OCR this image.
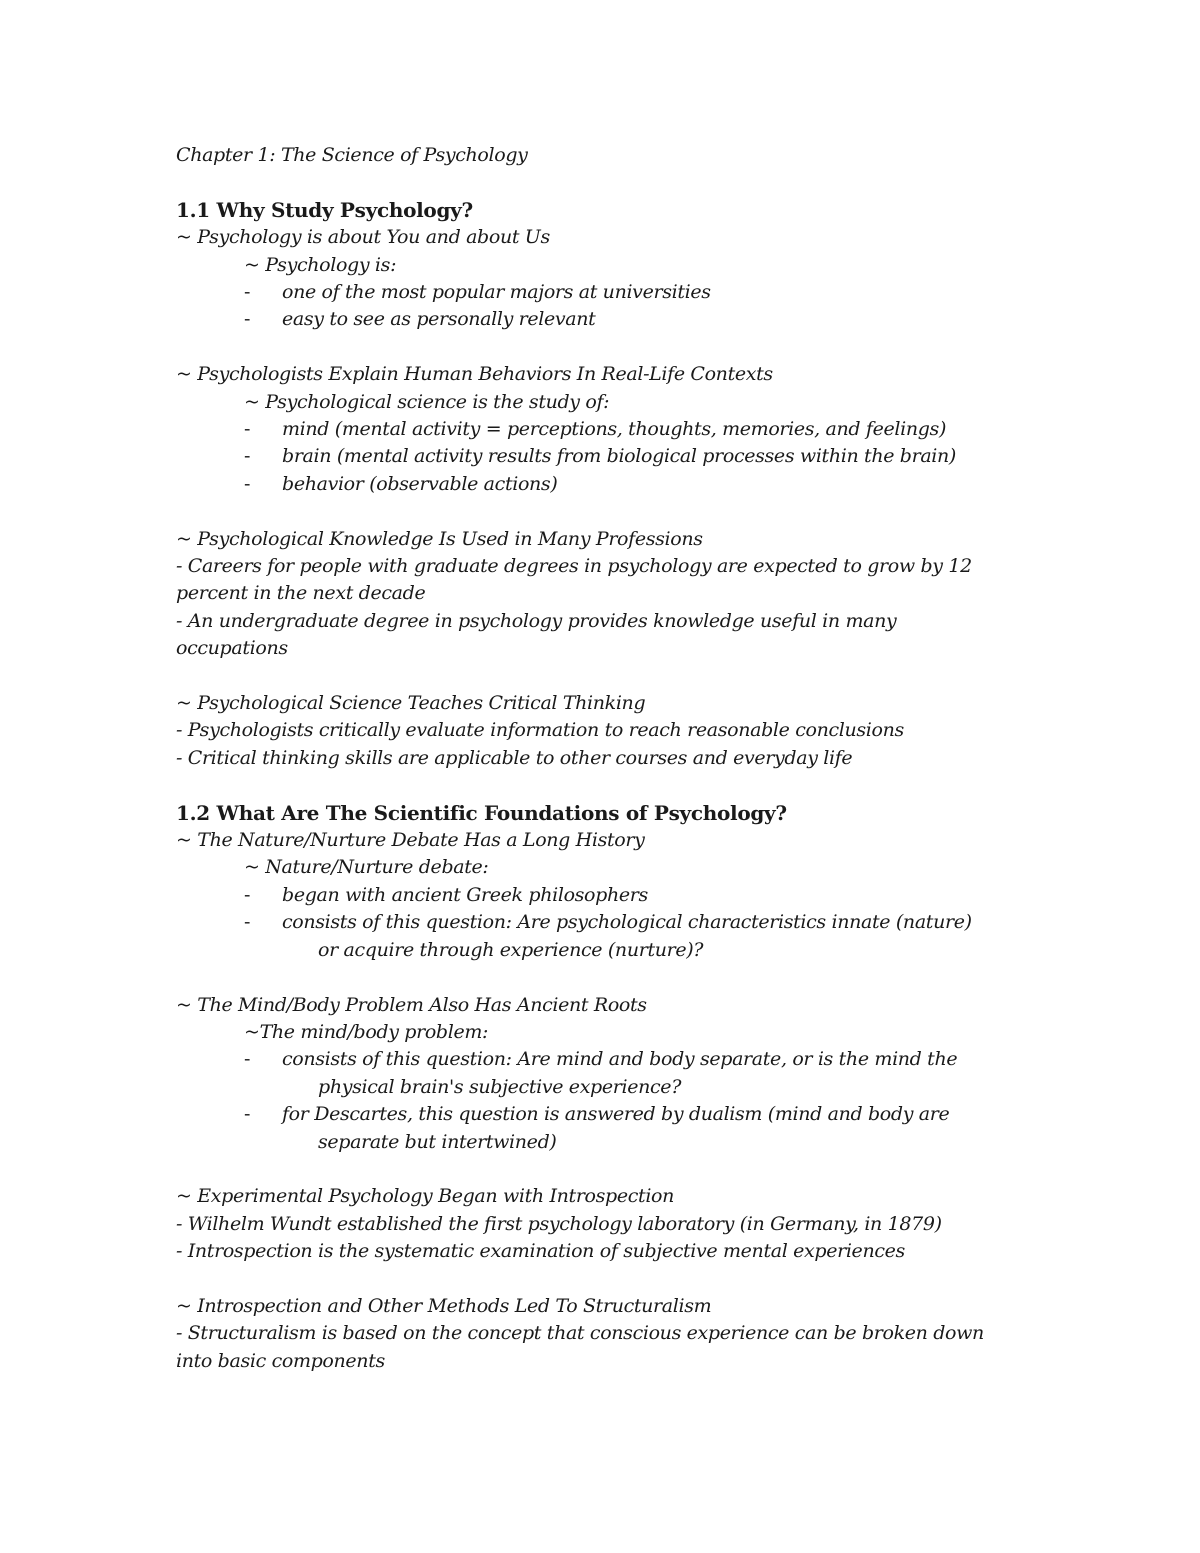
Chapter 1: The Science of Psychology
1.1 Why Study Psychology?
~ Psychology is about You and about Us
~ Psychology is:
- one of the most popular majors at universities
- easy to see as personally relevant
~ Psychologists Explain Human Behaviors In Real-Life Contexts
~ Psychological science is the study of:
- mind (mental activity = perceptions, thoughts, memories, and feelings)
- brain (mental activity results from biological processes within the brain)
- behavior (observable actions)
~ Psychological Knowledge Is Used in Many Professions
- Careers for people with graduate degrees in psychology are expected to grow by 12
percent in the next decade
- An undergraduate degree in psychology provides knowledge useful in many
occupations
~ Psychological Science Teaches Critical Thinking
- Psychologists critically evaluate information to reach reasonable conclusions
- Critical thinking skills are applicable to other courses and everyday life
1.2 What Are The Scientific Foundations of Psychology?
~ The Nature/Nurture Debate Has a Long History
~ Nature/Nurture debate:
- began with ancient Greek philosophers
- consists of this question: Are psychological characteristics innate (nature)
or acquire through experience (nurture)?
~ The Mind/Body Problem Also Has Ancient Roots
~The mind/body problem:
- consists of this question: Are mind and body separate, or is the mind the
physical brain's subjective experience?
- for Descartes, this question is answered by dualism (mind and body are
separate but intertwined)
~ Experimental Psychology Began with Introspection
- Wilhelm Wundt established the first psychology laboratory (in Germany, in 1879)
- Introspection is the systematic examination of subjective mental experiences
~ Introspection and Other Methods Led To Structuralism
- Structuralism is based on the concept that conscious experience can be broken down
into basic components
